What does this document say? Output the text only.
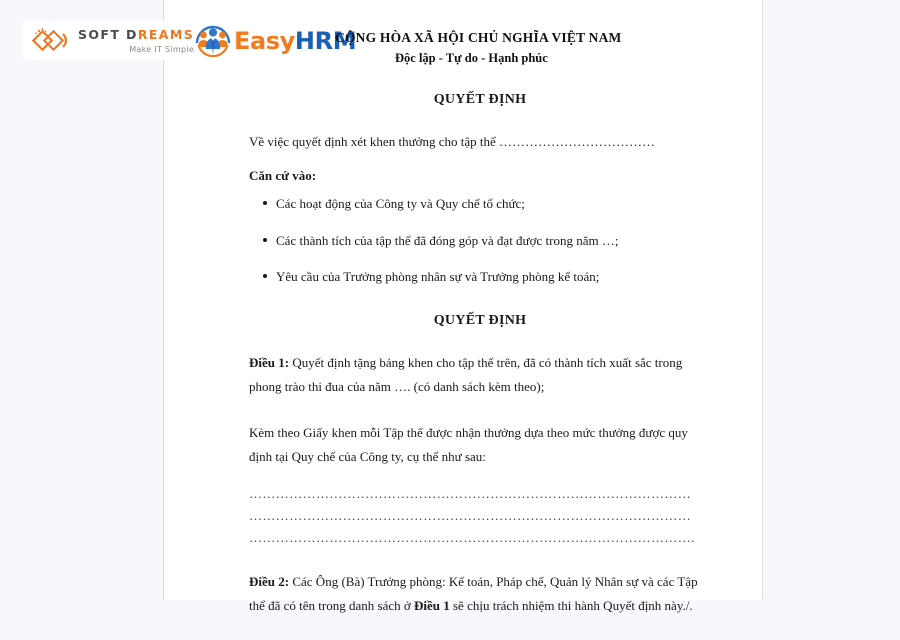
SOFT DREAMS
Make IT Simple EasyHRM
CỘNG HÒA XÃ HỘI CHỦ NGHĨA VIỆT NAM
Độc lập - Tự do - Hạnh phúc
QUYẾT ĐỊNH
Về việc quyết định xét khen thưởng cho tập thể ………………………………
Căn cứ vào:
Các hoạt động của Công ty và Quy chế tổ chức;
Các thành tích của tập thể đã đóng góp và đạt được trong năm …;
Yêu cầu của Trưởng phòng nhân sự và Trưởng phòng kế toán;
QUYẾT ĐỊNH
Điều 1: Quyết định tặng bảng khen cho tập thể trên, đã có thành tích xuất sắc trong phong trào thi đua của năm …. (có danh sách kèm theo);
Kèm theo Giấy khen mỗi Tập thể được nhận thưởng dựa theo mức thưởng được quy định tại Quy chế của Công ty, cụ thể như sau:
………………………………………………………………………………………
………………………………………………………………………………………
……………………………………………………………………………………….
Điều 2: Các Ông (Bà) Trưởng phòng: Kế toán, Pháp chế, Quản lý Nhân sự và các Tập thể đã có tên trong danh sách ở Điều 1 sẽ chịu trách nhiệm thi hành Quyết định này./.
